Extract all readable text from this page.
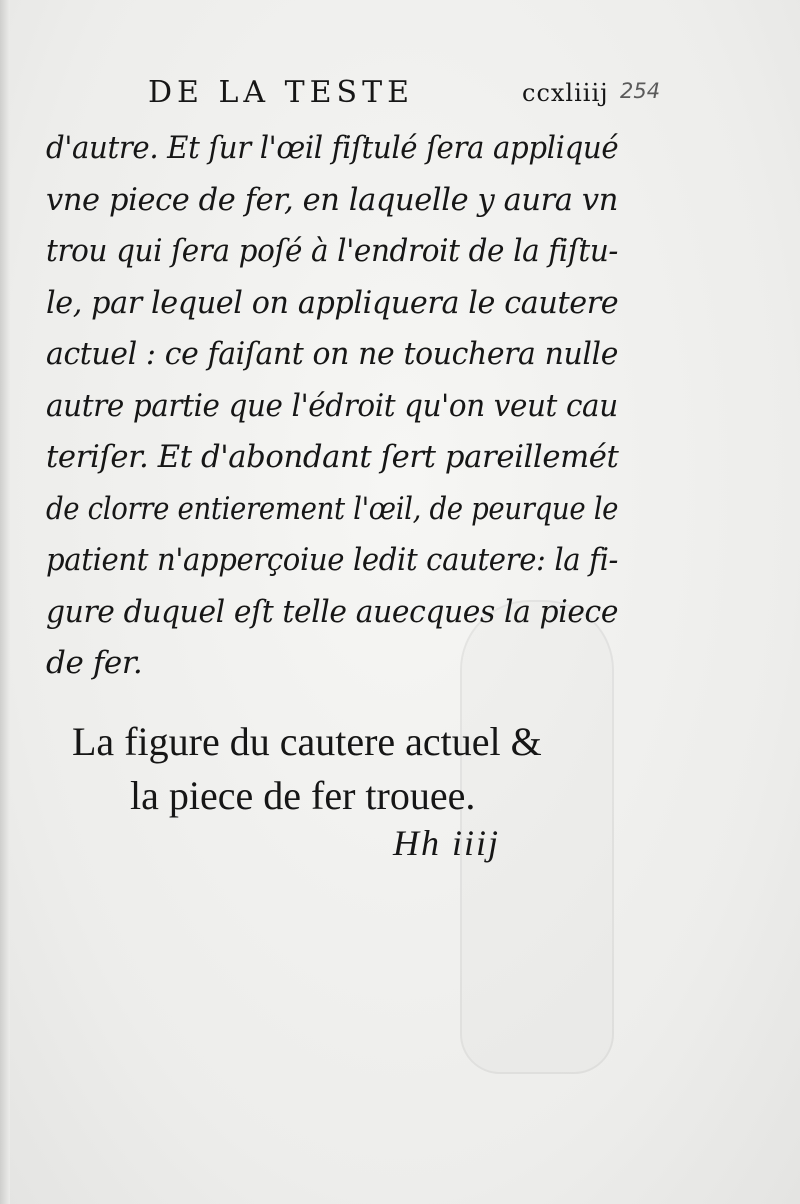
DE LA TESTE	ccxliiij 254
d'autre. Et ſur l'œil fiſtulé ſera appliqué
vne piece de fer, en laquelle y aura vn
trou qui ſera poſé à l'endroit de la fiſtu-
le, par lequel on appliquera le cautere
actuel : ce faiſant on ne touchera nulle
autre partie que l'édroit qu'on veut cau
teriſer. Et d'abondant ſert pareillemét
de clorre entierement l'œil, de peurque le
patient n'apperçoiue ledit cautere: la fi-
gure duquel eſt telle auecques la piece
de fer.
La figure du cautere actuel &
la piece de fer trouee.
Hh iiij
